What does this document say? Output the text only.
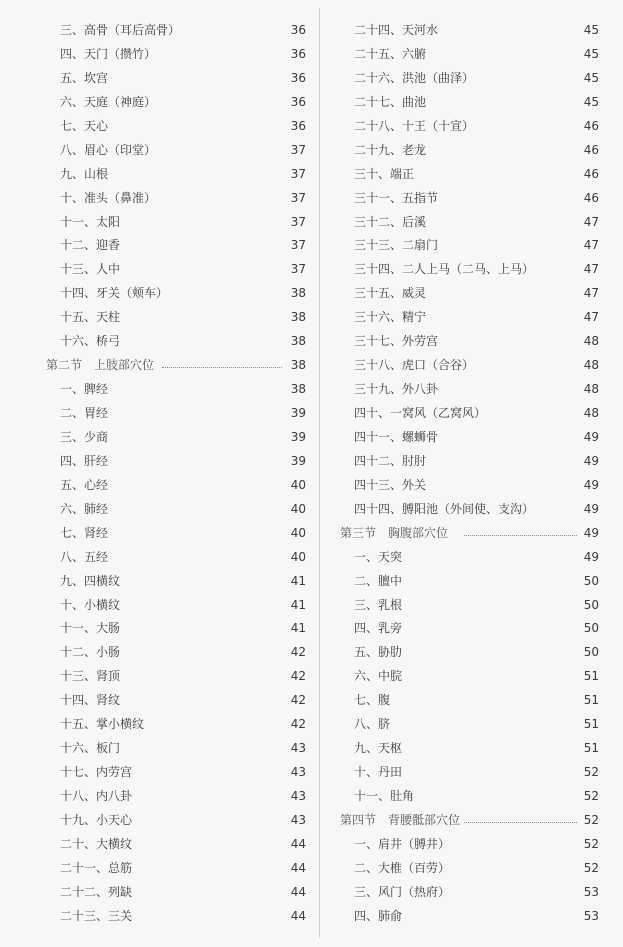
三、高骨（耳后高骨）	36
四、天门（攒竹）	36
五、坎宫	36
六、天庭（神庭）	36
七、天心	36
八、眉心（印堂）	37
九、山根	37
十、准头（鼻准）	37
十一、太阳	37
十二、迎香	37
十三、人中	37
十四、牙关（颊车）	38
十五、天柱	38
十六、桥弓	38
第二节　上肢部穴位	38
一、脾经	38
二、胃经	39
三、少商	39
四、肝经	39
五、心经	40
六、肺经	40
七、肾经	40
八、五经	40
九、四横纹	41
十、小横纹	41
十一、大肠	41
十二、小肠	42
十三、肾顶	42
十四、肾纹	42
十五、掌小横纹	42
十六、板门	43
十七、内劳宫	43
十八、内八卦	43
十九、小天心	43
二十、大横纹	44
二十一、总筋	44
二十二、列缺	44
二十三、三关	44
二十四、天河水	45
二十五、六腑	45
二十六、洪池（曲泽）	45
二十七、曲池	45
二十八、十王（十宣）	46
二十九、老龙	46
三十、端正	46
三十一、五指节	46
三十二、后溪	47
三十三、二扇门	47
三十四、二人上马（二马、上马）	47
三十五、威灵	47
三十六、精宁	47
三十七、外劳宫	48
三十八、虎口（合谷）	48
三十九、外八卦	48
四十、一窝风（乙窝风）	48
四十一、螺蛳骨	49
四十二、肘肘	49
四十三、外关	49
四十四、膊阳池（外间使、支沟）	49
第三节　胸腹部穴位	49
一、天突	49
二、膻中	50
三、乳根	50
四、乳旁	50
五、胁肋	50
六、中脘	51
七、腹	51
八、脐	51
九、天枢	51
十、丹田	52
十一、肚角	52
第四节　背腰骶部穴位	52
一、肩井（膊井）	52
二、大椎（百劳）	52
三、风门（热府）	53
四、肺俞	53
